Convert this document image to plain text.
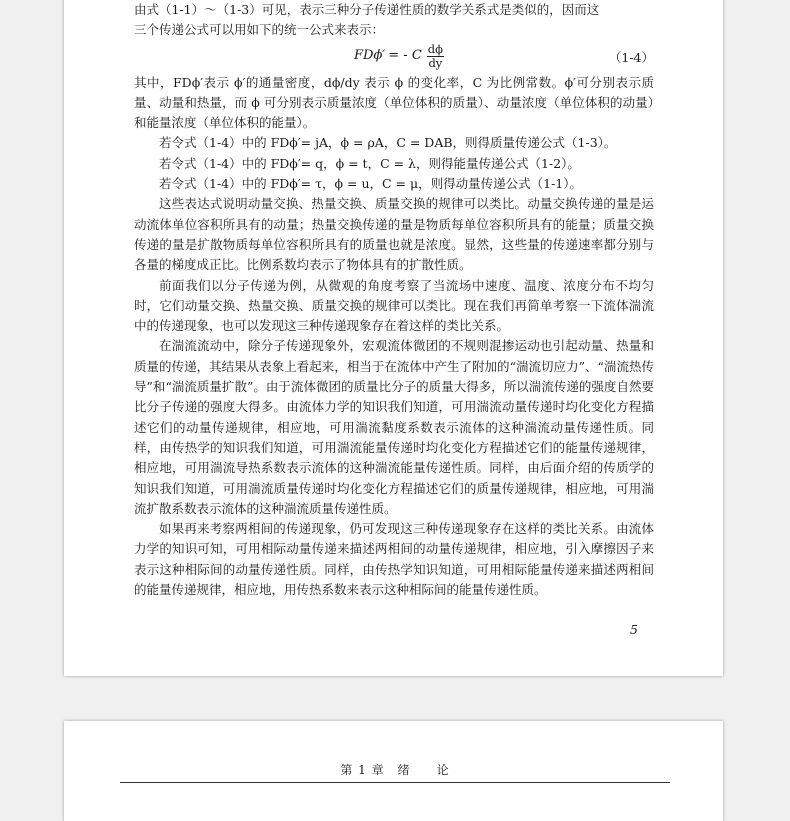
由式（1-1）～（1-3）可见，表示三种分子传递性质的数学关系式是类似的，因而这

三个传递公式可以用如下的统一公式来表示：

FDϕ′ = - C $\frac{d\phi}{dy}$	（1-4）

其中，FDϕ′表示 ϕ′的通量密度，dϕ/dy 表示 ϕ 的变化率，C 为比例常数。ϕ′可分别表示质量、动量和热量，而 ϕ 可分别表示质量浓度（单位体积的质量）、动量浓度（单位体积的动量）和能量浓度（单位体积的能量）。

若令式（1-4）中的 FDϕ′= jA，ϕ = ρA，C = DAB，则得质量传递公式（1-3）。

若令式（1-4）中的 FDϕ′= q，ϕ = t，C = λ，则得能量传递公式（1-2）。

若令式（1-4）中的 FDϕ′= τ，ϕ = u，C = μ，则得动量传递公式（1-1）。

这些表达式说明动量交换、热量交换、质量交换的规律可以类比。动量交换传递的量是运动流体单位容积所具有的动量；热量交换传递的量是物质每单位容积所具有的能量；质量交换传递的量是扩散物质每单位容积所具有的质量也就是浓度。显然，这些量的传递速率都分别与各量的梯度成正比。比例系数均表示了物体具有的扩散性质。

前面我们以分子传递为例，从微观的角度考察了当流场中速度、温度、浓度分布不均匀时，它们动量交换、热量交换、质量交换的规律可以类比。现在我们再简单考察一下流体湍流中的传递现象，也可以发现这三种传递现象存在着这样的类比关系。

在湍流流动中，除分子传递现象外，宏观流体微团的不规则混掺运动也引起动量、热量和质量的传递，其结果从表象上看起来，相当于在流体中产生了附加的“湍流切应力”、“湍流热传导”和“湍流质量扩散”。由于流体微团的质量比分子的质量大得多，所以湍流传递的强度自然要比分子传递的强度大得多。由流体力学的知识我们知道，可用湍流动量传递时均化变化方程描述它们的动量传递规律，相应地，可用湍流黏度系数表示流体的这种湍流动量传递性质。同样，由传热学的知识我们知道，可用湍流能量传递时均化变化方程描述它们的能量传递规律，相应地，可用湍流导热系数表示流体的这种湍流能量传递性质。同样，由后面介绍的传质学的知识我们知道，可用湍流质量传递时均化变化方程描述它们的质量传递规律，相应地，可用湍流扩散系数表示流体的这种湍流质量传递性质。

如果再来考察两相间的传递现象，仍可发现这三种传递现象存在这样的类比关系。由流体力学的知识可知，可用相际动量传递来描述两相间的动量传递规律，相应地，引入摩擦因子来表示这种相际间的动量传递性质。同样，由传热学知识知道，可用相际能量传递来描述两相间的能量传递规律，相应地，用传热系数来表示这种相际间的能量传递性质。

5
第 1 章　绪　　论
